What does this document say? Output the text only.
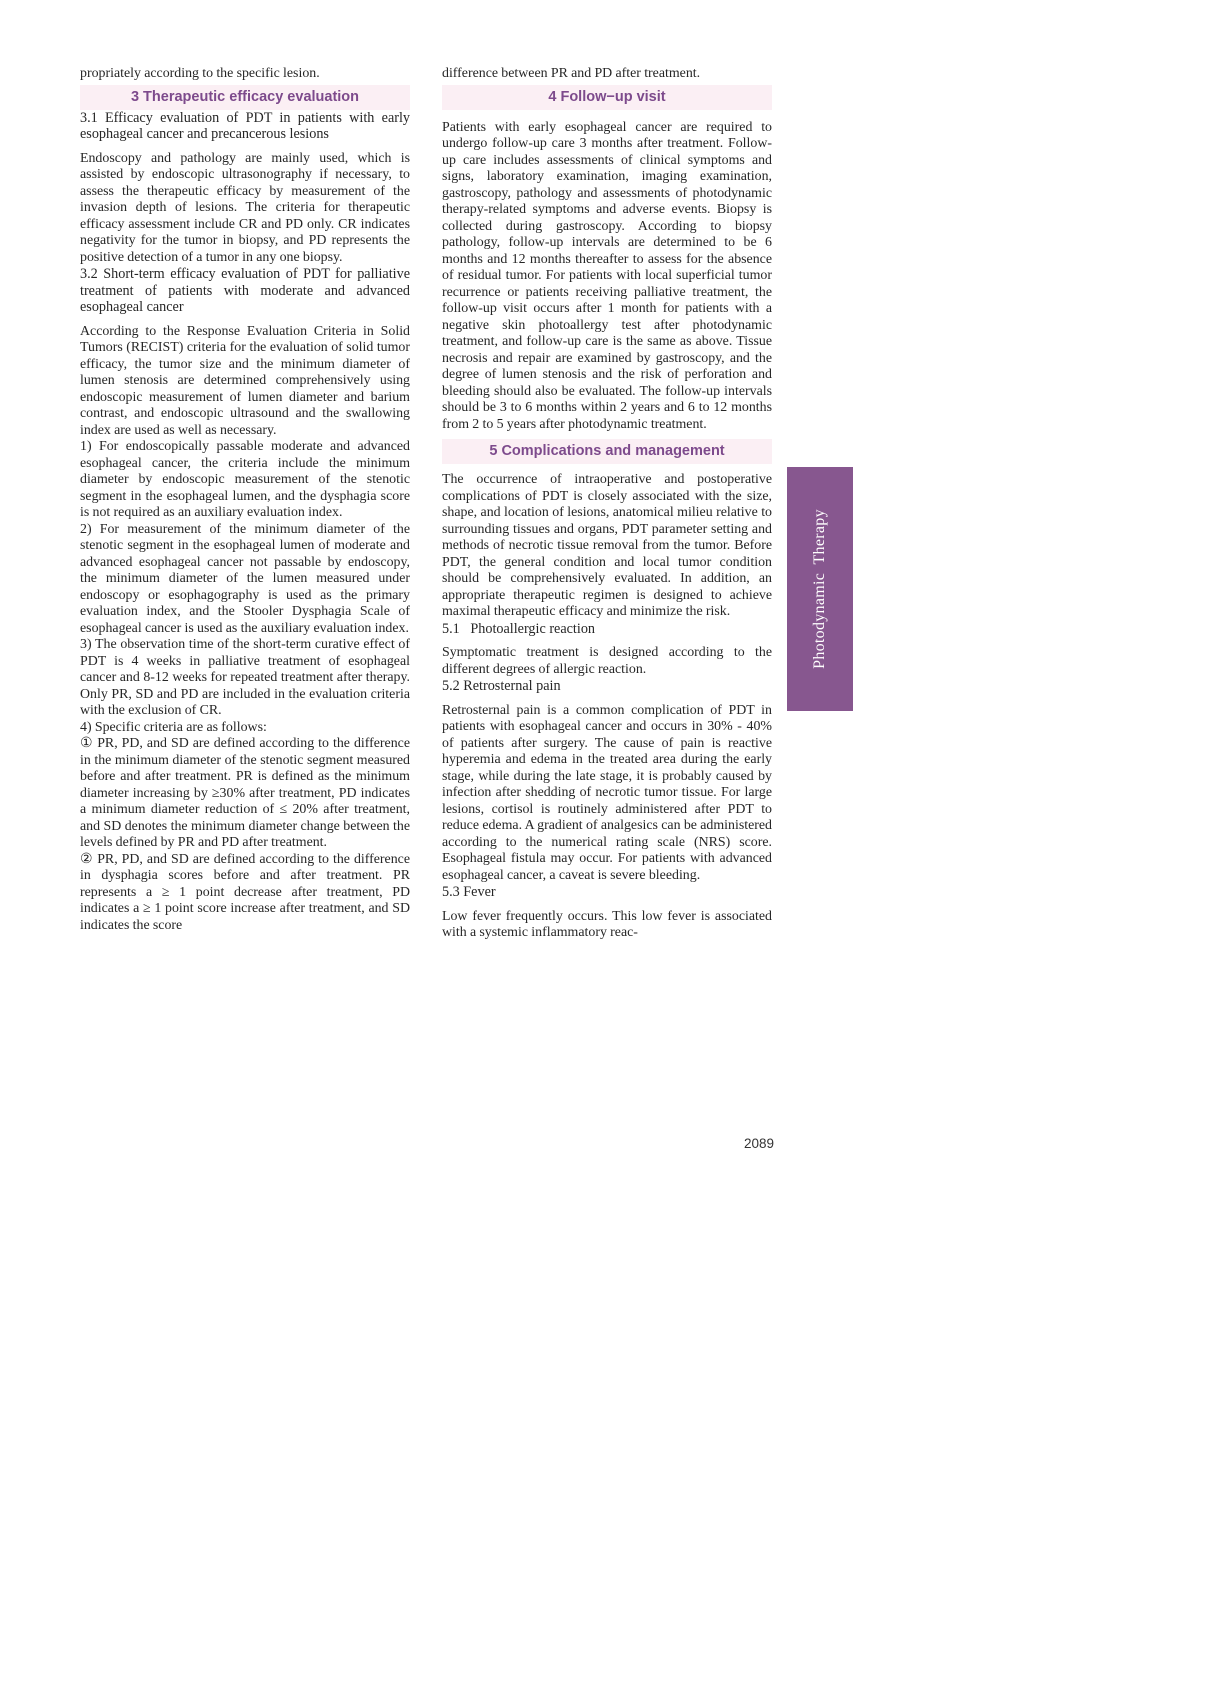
propriately according to the specific lesion.

3 Therapeutic efficacy evaluation

3.1 Efficacy evaluation of PDT in patients with early esophageal cancer and precancerous lesions

Endoscopy and pathology are mainly used, which is assisted by endoscopic ultrasonography if necessary, to assess the therapeutic efficacy by measurement of the invasion depth of lesions. The criteria for therapeutic efficacy assessment include CR and PD only. CR indicates negativity for the tumor in biopsy, and PD represents the positive detection of a tumor in any one biopsy.

3.2 Short-term efficacy evaluation of PDT for palliative treatment of patients with moderate and advanced esophageal cancer

According to the Response Evaluation Criteria in Solid Tumors (RECIST) criteria for the evaluation of solid tumor efficacy, the tumor size and the minimum diameter of lumen stenosis are determined comprehensively using endoscopic measurement of lumen diameter and barium contrast, and endoscopic ultrasound and the swallowing index are used as well as necessary.

1) For endoscopically passable moderate and advanced esophageal cancer, the criteria include the minimum diameter by endoscopic measurement of the stenotic segment in the esophageal lumen, and the dysphagia score is not required as an auxiliary evaluation index.

2) For measurement of the minimum diameter of the stenotic segment in the esophageal lumen of moderate and advanced esophageal cancer not passable by endoscopy, the minimum diameter of the lumen measured under endoscopy or esophagography is used as the primary evaluation index, and the Stooler Dysphagia Scale of esophageal cancer is used as the auxiliary evaluation index.

3) The observation time of the short-term curative effect of PDT is 4 weeks in palliative treatment of esophageal cancer and 8-12 weeks for repeated treatment after therapy. Only PR, SD and PD are included in the evaluation criteria with the exclusion of CR.

4) Specific criteria are as follows:

① PR, PD, and SD are defined according to the difference in the minimum diameter of the stenotic segment measured before and after treatment. PR is defined as the minimum diameter increasing by ≥30% after treatment, PD indicates a minimum diameter reduction of ≤ 20% after treatment, and SD denotes the minimum diameter change between the levels defined by PR and PD after treatment.

② PR, PD, and SD are defined according to the difference in dysphagia scores before and after treatment. PR represents a ≥ 1 point decrease after treatment, PD indicates a ≥ 1 point score increase after treatment, and SD indicates the score

difference between PR and PD after treatment.

4 Follow−up visit

Patients with early esophageal cancer are required to undergo follow-up care 3 months after treatment. Follow-up care includes assessments of clinical symptoms and signs, laboratory examination, imaging examination, gastroscopy, pathology and assessments of photodynamic therapy-related symptoms and adverse events. Biopsy is collected during gastroscopy. According to biopsy pathology, follow-up intervals are determined to be 6 months and 12 months thereafter to assess for the absence of residual tumor. For patients with local superficial tumor recurrence or patients receiving palliative treatment, the follow-up visit occurs after 1 month for patients with a negative skin photoallergy test after photodynamic treatment, and follow-up care is the same as above. Tissue necrosis and repair are examined by gastroscopy, and the degree of lumen stenosis and the risk of perforation and bleeding should also be evaluated. The follow-up intervals should be 3 to 6 months within 2 years and 6 to 12 months from 2 to 5 years after photodynamic treatment.

5 Complications and management

The occurrence of intraoperative and postoperative complications of PDT is closely associated with the size, shape, and location of lesions, anatomical milieu relative to surrounding tissues and organs, PDT parameter setting and methods of necrotic tissue removal from the tumor. Before PDT, the general condition and local tumor condition should be comprehensively evaluated. In addition, an appropriate therapeutic regimen is designed to achieve maximal therapeutic efficacy and minimize the risk.

5.1   Photoallergic reaction

Symptomatic treatment is designed according to the different degrees of allergic reaction.

5.2 Retrosternal pain

Retrosternal pain is a common complication of PDT in patients with esophageal cancer and occurs in 30% - 40% of patients after surgery. The cause of pain is reactive hyperemia and edema in the treated area during the early stage, while during the late stage, it is probably caused by infection after shedding of necrotic tumor tissue. For large lesions, cortisol is routinely administered after PDT to reduce edema. A gradient of analgesics can be administered according to the numerical rating scale (NRS) score. Esophageal fistula may occur. For patients with advanced esophageal cancer, a caveat is severe bleeding.

5.3 Fever

Low fever frequently occurs. This low fever is associated with a systemic inflammatory reac-

Photodynamic  Therapy
2089
